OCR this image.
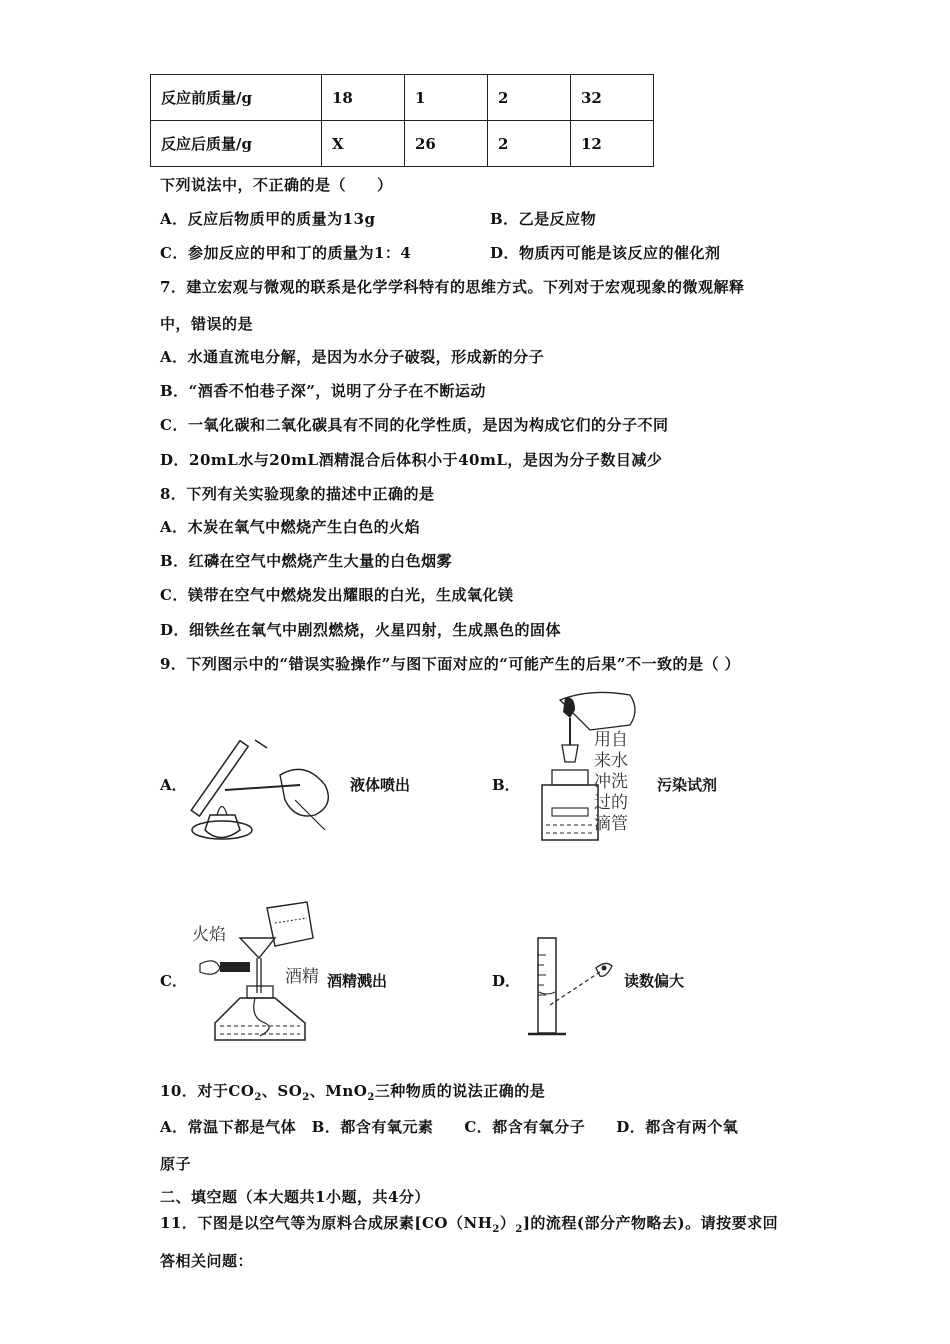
反应前质量/g	18	1	2	32
反应后质量/g	X	26	2	12
下列说法中，不正确的是（　　）
A．反应后物质甲的质量为13g	B．乙是反应物
C．参加反应的甲和丁的质量为1：4	D．物质丙可能是该反应的催化剂
7．建立宏观与微观的联系是化学学科特有的思维方式。下列对于宏观现象的微观解释
中，错误的是
A．水通直流电分解，是因为水分子破裂，形成新的分子
B．“酒香不怕巷子深”，说明了分子在不断运动
C．一氧化碳和二氧化碳具有不同的化学性质，是因为构成它们的分子不同
D．20mL水与20mL酒精混合后体积小于40mL，是因为分子数目减少
8．下列有关实验现象的描述中正确的是
A．木炭在氧气中燃烧产生白色的火焰
B．红磷在空气中燃烧产生大量的白色烟雾
C．镁带在空气中燃烧发出耀眼的白光，生成氧化镁
D．细铁丝在氧气中剧烈燃烧，火星四射，生成黑色的固体
9．下列图示中的“错误实验操作”与图下面对应的“可能产生的后果”不一致的是（ ）
A．	液体喷出	B．
用自
来水
冲洗
过的
滴管
污染试剂
C．
火焰
酒精 酒精溅出	D．	读数偏大
10．对于$CO_2$、$SO_2$、MnO$_2$三种物质的说法正确的是
A．常温下都是气体　B．都含有氧元素　　C．都含有氧分子　　D．都含有两个氧
原子
二、填空题（本大题共1小题，共4分）
11．下图是以空气等为原料合成尿素$[CO(NH_2)_2]$的流程(部分产物略去)。请按要求回
答相关问题：
